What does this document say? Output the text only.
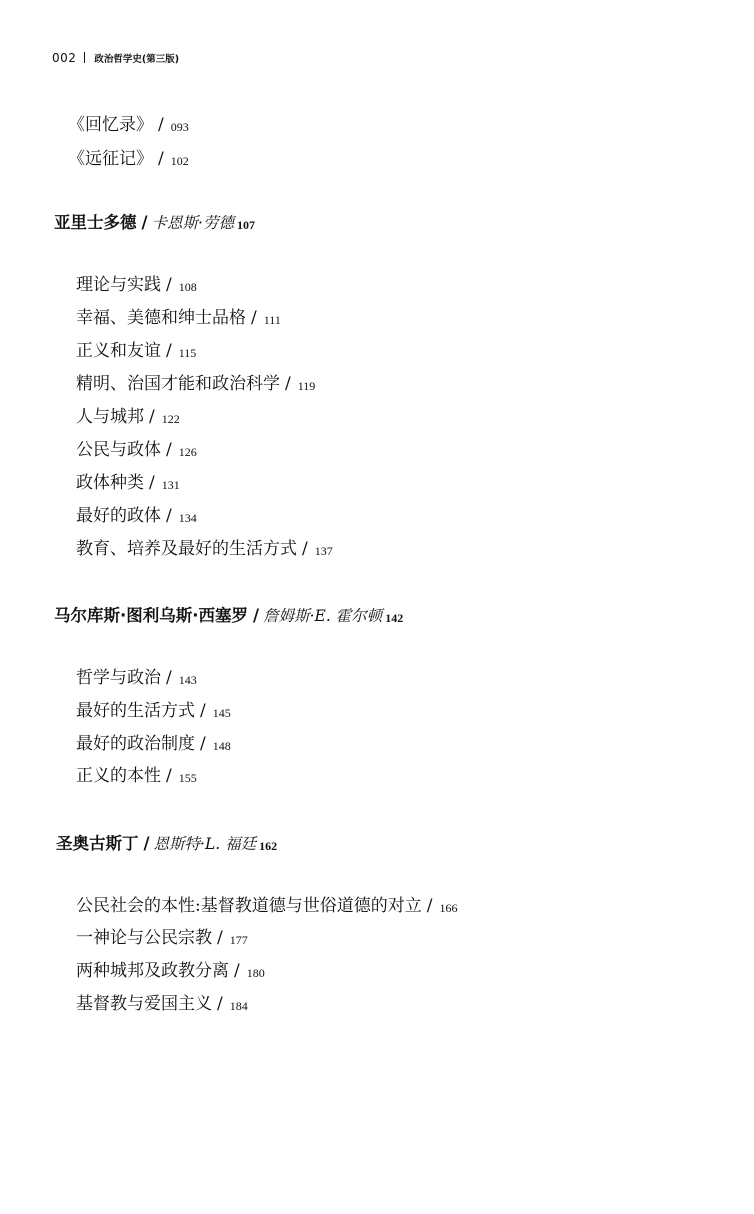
002 政治哲学史(第三版)
《回忆录》 / 093
《远征记》 / 102
亚里士多德 / 卡恩斯·劳德 107
理论与实践 / 108
幸福、美德和绅士品格 / 111
正义和友谊 / 115
精明、治国才能和政治科学 / 119
人与城邦 / 122
公民与政体 / 126
政体种类 / 131
最好的政体 / 134
教育、培养及最好的生活方式 / 137
马尔库斯·图利乌斯·西塞罗 / 詹姆斯·E. 霍尔顿 142
哲学与政治 / 143
最好的生活方式 / 145
最好的政治制度 / 148
正义的本性 / 155
圣奥古斯丁 / 恩斯特·L. 福廷 162
公民社会的本性:基督教道德与世俗道德的对立 / 166
一神论与公民宗教 / 177
两种城邦及政教分离 / 180
基督教与爱国主义 / 184
